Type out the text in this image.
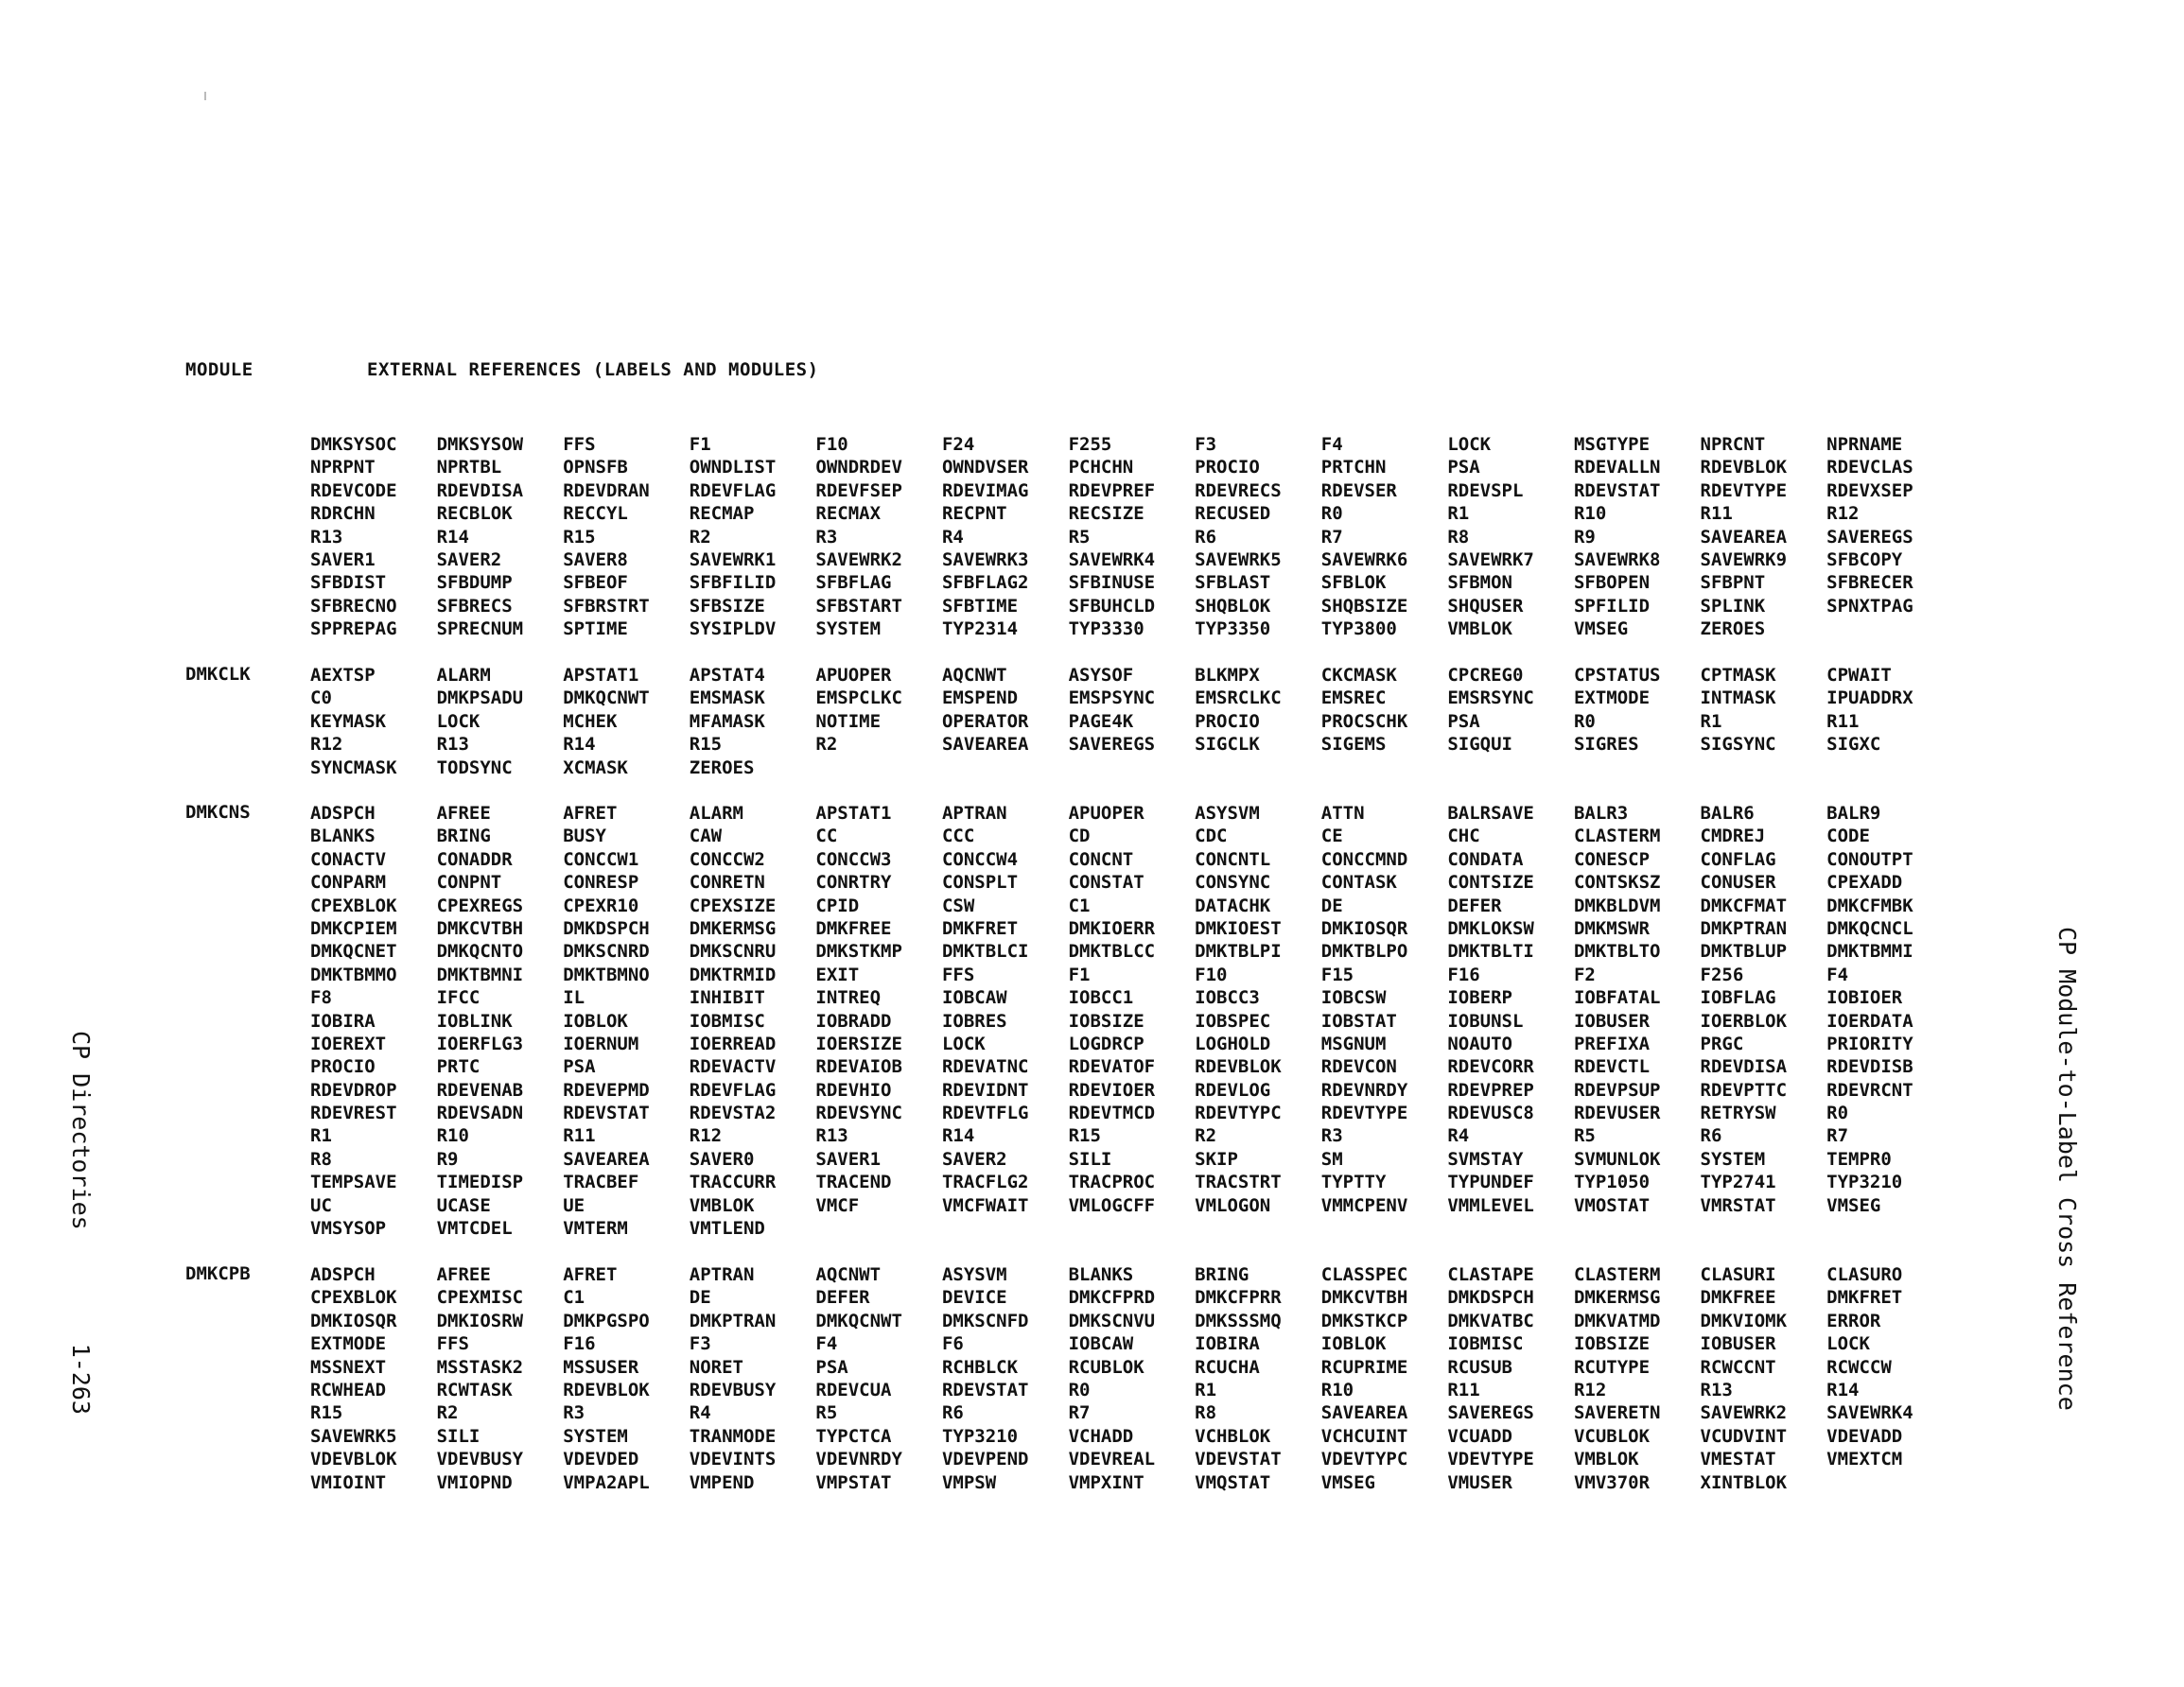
MODULE	EXTERNAL REFERENCES (LABELS AND MODULES)
DMKSYSOC	DMKSYSOW	FFS	F1	F10	F24	F255	F3	F4	LOCK	MSGTYPE	NPRCNT	NPRNAME
NPRPNT	NPRTBL	OPNSFB	OWNDLIST	OWNDRDEV	OWNDVSER	PCHCHN	PROCIO	PRTCHN	PSA	RDEVALLN	RDEVBLOK	RDEVCLAS
RDEVCODE	RDEVDISA	RDEVDRAN	RDEVFLAG	RDEVFSEP	RDEVIMAG	RDEVPREF	RDEVRECS	RDEVSER	RDEVSPL	RDEVSTAT	RDEVTYPE	RDEVXSEP
RDRCHN	RECBLOK	RECCYL	RECMAP	RECMAX	RECPNT	RECSIZE	RECUSED	R0	R1	R10	R11	R12
R13	R14	R15	R2	R3	R4	R5	R6	R7	R8	R9	SAVEAREA	SAVEREGS
SAVER1	SAVER2	SAVER8	SAVEWRK1	SAVEWRK2	SAVEWRK3	SAVEWRK4	SAVEWRK5	SAVEWRK6	SAVEWRK7	SAVEWRK8	SAVEWRK9	SFBCOPY
SFBDIST	SFBDUMP	SFBEOF	SFBFILID	SFBFLAG	SFBFLAG2	SFBINUSE	SFBLAST	SFBLOK	SFBMON	SFBOPEN	SFBPNT	SFBRECER
SFBRECNO	SFBRECS	SFBRSTRT	SFBSIZE	SFBSTART	SFBTIME	SFBUHCLD	SHQBLOK	SHQBSIZE	SHQUSER	SPFILID	SPLINK	SPNXTPAG
SPPREPAG	SPRECNUM	SPTIME	SYSIPLDV	SYSTEM	TYP2314	TYP3330	TYP3350	TYP3800	VMBLOK	VMSEG	ZEROES
DMKCLK	AEXTSP	ALARM	APSTAT1	APSTAT4	APUOPER	AQCNWT	ASYSOF	BLKMPX	CKCMASK	CPCREG0	CPSTATUS	CPTMASK	CPWAIT
C0	DMKPSADU	DMKQCNWT	EMSMASK	EMSPCLKC	EMSPEND	EMSPSYNC	EMSRCLKC	EMSREC	EMSRSYNC	EXTMODE	INTMASK	IPUADDRX
KEYMASK	LOCK	MCHEK	MFAMASK	NOTIME	OPERATOR	PAGE4K	PROCIO	PROCSCHK	PSA	R0	R1	R11
R12	R13	R14	R15	R2	SAVEAREA	SAVEREGS	SIGCLK	SIGEMS	SIGQUI	SIGRES	SIGSYNC	SIGXC
SYNCMASK	TODSYNC	XCMASK	ZEROES
DMKCNS	ADSPCH	AFREE	AFRET	ALARM	APSTAT1	APTRAN	APUOPER	ASYSVM	ATTN	BALRSAVE	BALR3	BALR6	BALR9
BLANKS	BRING	BUSY	CAW	CC	CCC	CD	CDC	CE	CHC	CLASTERM	CMDREJ	CODE
CONACTV	CONADDR	CONCCW1	CONCCW2	CONCCW3	CONCCW4	CONCNT	CONCNTL	CONCCMND	CONDATA	CONESCP	CONFLAG	CONOUTPT
CONPARM	CONPNT	CONRESP	CONRETN	CONRTRY	CONSPLT	CONSTAT	CONSYNC	CONTASK	CONTSIZE	CONTSKSZ	CONUSER	CPEXADD
CPEXBLOK	CPEXREGS	CPEXR10	CPEXSIZE	CPID	CSW	C1	DATACHK	DE	DEFER	DMKBLDVM	DMKCFMAT	DMKCFMBK
DMKCPIEM	DMKCVTBH	DMKDSPCH	DMKERMSG	DMKFREE	DMKFRET	DMKIOERR	DMKIOEST	DMKIOSQR	DMKLOKSW	DMKMSWR	DMKPTRAN	DMKQCNCL
DMKQCNET	DMKQCNTO	DMKSCNRD	DMKSCNRU	DMKSTKMP	DMKTBLCI	DMKTBLCC	DMKTBLPI	DMKTBLPO	DMKTBLTI	DMKTBLTO	DMKTBLUP	DMKTBMMI
DMKTBMMO	DMKTBMNI	DMKTBMNO	DMKTRMID	EXIT	FFS	F1	F10	F15	F16	F2	F256	F4
F8	IFCC	IL	INHIBIT	INTREQ	IOBCAW	IOBCC1	IOBCC3	IOBCSW	IOBERP	IOBFATAL	IOBFLAG	IOBIOER
IOBIRA	IOBLINK	IOBLOK	IOBMISC	IOBRADD	IOBRES	IOBSIZE	IOBSPEC	IOBSTAT	IOBUNSL	IOBUSER	IOERBLOK	IOERDATA
IOEREXT	IOERFLG3	IOERNUM	IOERREAD	IOERSIZE	LOCK	LOGDRCP	LOGHOLD	MSGNUM	NOAUTO	PREFIXA	PRGC	PRIORITY
PROCIO	PRTC	PSA	RDEVACTV	RDEVAIOB	RDEVATNC	RDEVATOF	RDEVBLOK	RDEVCON	RDEVCORR	RDEVCTL	RDEVDISA	RDEVDISB
RDEVDROP	RDEVENAB	RDEVEPMD	RDEVFLAG	RDEVHIO	RDEVIDNT	RDEVIOER	RDEVLOG	RDEVNRDY	RDEVPREP	RDEVPSUP	RDEVPTTC	RDEVRCNT
RDEVREST	RDEVSADN	RDEVSTAT	RDEVSTA2	RDEVSYNC	RDEVTFLG	RDEVTMCD	RDEVTYPC	RDEVTYPE	RDEVUSC8	RDEVUSER	RETRYSW	R0
R1	R10	R11	R12	R13	R14	R15	R2	R3	R4	R5	R6	R7
R8	R9	SAVEAREA	SAVER0	SAVER1	SAVER2	SILI	SKIP	SM	SVMSTAY	SVMUNLOK	SYSTEM	TEMPR0
TEMPSAVE	TIMEDISP	TRACBEF	TRACCURR	TRACEND	TRACFLG2	TRACPROC	TRACSTRT	TYPTTY	TYPUNDEF	TYP1050	TYP2741	TYP3210
UC	UCASE	UE	VMBLOK	VMCF	VMCFWAIT	VMLOGCFF	VMLOGON	VMMCPENV	VMMLEVEL	VMOSTAT	VMRSTAT	VMSEG
VMSYSOP	VMTCDEL	VMTERM	VMTLEND
DMKCPB	ADSPCH	AFREE	AFRET	APTRAN	AQCNWT	ASYSVM	BLANKS	BRING	CLASSPEC	CLASTAPE	CLASTERM	CLASURI	CLASURO
CPEXBLOK	CPEXMISC	C1	DE	DEFER	DEVICE	DMKCFPRD	DMKCFPRR	DMKCVTBH	DMKDSPCH	DMKERMSG	DMKFREE	DMKFRET
DMKIOSQR	DMKIOSRW	DMKPGSPO	DMKPTRAN	DMKQCNWT	DMKSCNFD	DMKSCNVU	DMKSSSMQ	DMKSTKCP	DMKVATBC	DMKVATMD	DMKVIOMK	ERROR
EXTMODE	FFS	F16	F3	F4	F6	IOBCAW	IOBIRA	IOBLOK	IOBMISC	IOBSIZE	IOBUSER	LOCK
MSSNEXT	MSSTASK2	MSSUSER	NORET	PSA	RCHBLCK	RCUBLOK	RCUCHA	RCUPRIME	RCUSUB	RCUTYPE	RCWCCNT	RCWCCW
RCWHEAD	RCWTASK	RDEVBLOK	RDEVBUSY	RDEVCUA	RDEVSTAT	R0	R1	R10	R11	R12	R13	R14
R15	R2	R3	R4	R5	R6	R7	R8	SAVEAREA	SAVEREGS	SAVERETN	SAVEWRK2	SAVEWRK4
SAVEWRK5	SILI	SYSTEM	TRANMODE	TYPCTCA	TYP3210	VCHADD	VCHBLOK	VCHCUINT	VCUADD	VCUBLOK	VCUDVINT	VDEVADD
VDEVBLOK	VDEVBUSY	VDEVDED	VDEVINTS	VDEVNRDY	VDEVPEND	VDEVREAL	VDEVSTAT	VDEVTYPC	VDEVTYPE	VMBLOK	VMESTAT	VMEXTCM
VMIOINT	VMIOPND	VMPA2APL	VMPEND	VMPSTAT	VMPSW	VMPXINT	VMQSTAT	VMSEG	VMUSER	VMV370R	XINTBLOK
CP Directories1-263	CP Module-to-Label Cross Reference
